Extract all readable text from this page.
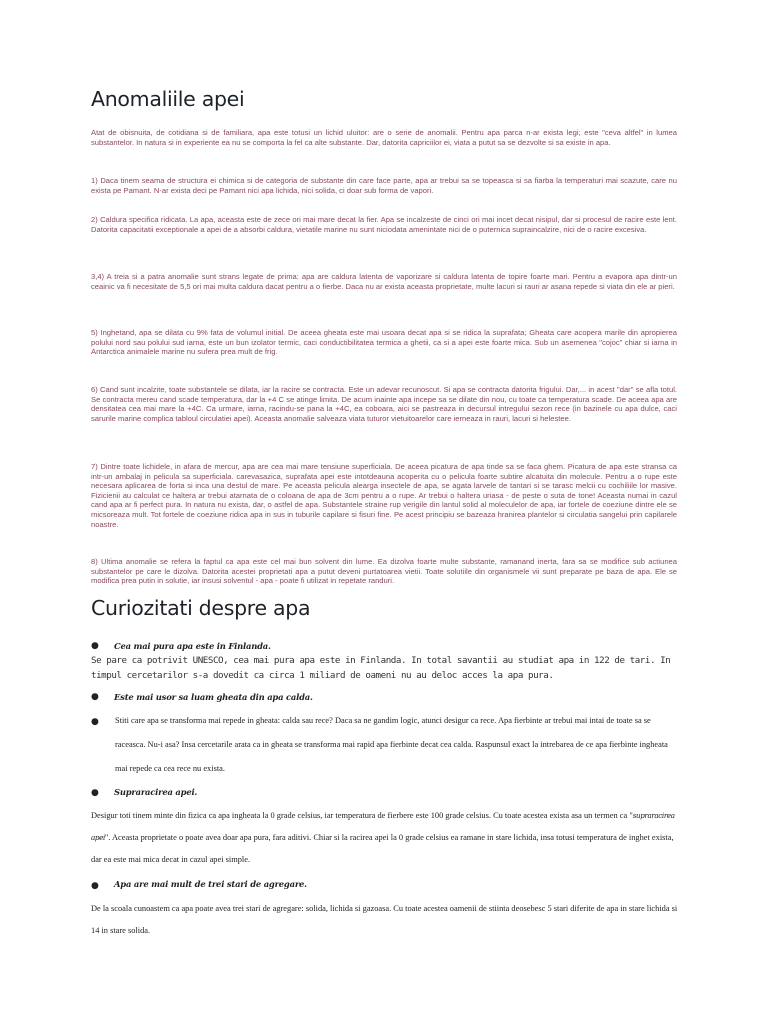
Anomaliile apei

Atat de obisnuita, de cotidiana si de familiara, apa este totusi un lichid uluitor: are o serie de anomalii. Pentru apa parca n-ar exista legi; este "ceva altfel" in lumea substantelor. In natura si in experiente ea nu se comporta la fel ca alte substante. Dar, datorita capriciilor ei, viata a putut sa se dezvolte si sa existe in apa.

1) Daca tinem seama de structura ei chimica si de categoria de substante din care face parte, apa ar trebui sa se topeasca si sa fiarba la temperaturi mai scazute, care nu exista pe Pamant. N-ar exista deci pe Pamant nici apa lichida, nici solida, ci doar sub forma de vapori.

2) Caldura specifica ridicata. La apa, aceasta este de zece ori mai mare decat la fier. Apa se incalzeste de cinci ori mai incet decat nisipul, dar si procesul de racire este lent. Datorita capacitatii exceptionale a apei de a absorbi caldura, vietatile marine nu sunt niciodata amenintate nici de o puternica supraincalzire, nici de o racire excesiva.

3,4) A treia si a patra anomalie sunt strans legate de prima: apa are caldura latenta de vaporizare si caldura latenta de topire foarte mari. Pentru a evapora apa dintr-un ceainic va fi necesitate de 5,5 ori mai multa caldura dacat pentru a o fierbe. Daca nu ar exista aceasta proprietate, multe lacuri si rauri ar asana repede si viata din ele ar pieri.

5) Inghetand, apa se dilata cu 9% fata de volumul initial. De aceea gheata este mai usoara decat apa si se ridica la suprafata; Gheata care acopera marile din apropierea polului nord sau polului sud iarna, este un bun izolator termic, caci conductibilitatea termica a ghetii, ca si a apei este foarte mica. Sub un asemenea "cojoc" chiar si iarna in Antarctica animalele marine nu sufera prea mult de frig.

6) Cand sunt incalzite, toate substantele se dilata, iar la racire se contracta. Este un adevar recunoscut. Si apa se contracta datorita frigului. Dar,... in acest "dar" se afla totul. Se contracta mereu cand scade temperatura, dar la +4 C se atinge limita. De acum inainte apa incepe sa se dilate din nou, cu toate ca temperatura scade. De aceea apa are densitatea cea mai mare la +4C. Ca urmare, iarna, racindu-se pana la +4C, ea coboara, aici se pastreaza in decursul intregului sezon rece (in bazinele cu apa dulce, caci sarurile marine complica tabloul circulatiei apei). Aceasta anomalie salveaza viata tuturor vietuitoarelor care ierneaza in rauri, lacuri si helestee.

7) Dintre toate lichidele, in afara de mercur, apa are cea mai mare tensiune superficiala. De aceea picatura de apa tinde sa se faca ghem. Picatura de apa este stransa ca intr-un ambalaj in pelicula sa superficiala. carevasazica, suprafata apei este intotdeauna acoperita cu o pelicula foarte subtire alcatuita din molecule. Pentru a o rupe este necesara aplicarea de forta si inca una destul de mare. Pe aceasta pelicula alearga insectele de apa, se agata larvele de tantari si se tarasc melcii cu cochiliile lor masive. Fizicienii au calculat ce haltera ar trebui atarnata de o coloana de apa de 3cm pentru a o rupe. Ar trebui o haltera uriasa - de peste o suta de tone! Aceasta numai in cazul cand apa ar fi perfect pura. In natura nu exista, dar, o astfel de apa. Substantele straine rup verigile din lantul solid al moleculelor de apa, iar fortele de coeziune dintre ele se micsoreaza mult. Tot fortele de coeziune ridica apa in sus in tuburile capilare si fisuri fine. Pe acest principiu se bazeaza hranirea plantelor si circulatia sangelui prin capilarele noastre.

8) Ultima anomalie se refera la faptul ca apa este cel mai bun solvent din lume. Ea dizolva foarte multe substante, ramanand inerta, fara sa se modifice sub actiunea substantelor pe care le dizolva. Datorita acestei proprietati apa a putut deveni purtatoarea vietii. Toate solutiile din organismele vii sunt preparate pe baza de apa. Ele se modifica prea putin in solutie, iar insusi solventul - apa - poate fi utilizat in repetate randuri.

Curiozitati despre apa
● Cea mai pura apa este in Finlanda.

Se pare ca potrivit UNESCO, cea mai pura apa este in Finlanda. In total savantii au studiat apa in 122 de tari. In timpul cercetarilor s-a dovedit ca circa 1 miliard de oameni nu au deloc acces la apa pura.

● Este mai usor sa luam gheata din apa calda.

● Stiti care apa se transforma mai repede in gheata: calda sau rece? Daca sa ne gandim logic, atunci desigur ca rece. Apa fierbinte ar trebui mai intai de toate sa se raceasca. Nu-i asa? Insa cercetarile arata ca in gheata se transforma mai rapid apa fierbinte decat cea calda. Raspunsul exact la intrebarea de ce apa fierbinte ingheata mai repede ca cea rece nu exista.

● Supraracirea apei.

Desigur toti tinem minte din fizica ca apa ingheata la 0 grade celsius, iar temperatura de fierbere este 100 grade celsius. Cu toate acestea exista asa un termen ca "supraracirea apei". Aceasta proprietate o poate avea doar apa pura, fara aditivi. Chiar si la racirea apei la 0 grade celsius ea ramane in stare lichida, insa totusi temperatura de inghet exista, dar ea este mai mica decat in cazul apei simple.

● Apa are mai mult de trei stari de agregare.

De la scoala cunoastem ca apa poate avea trei stari de agregare: solida, lichida si gazoasa. Cu toate acestea oamenii de stiinta deosebesc 5 stari diferite de apa in stare lichida si 14 in stare solida.
